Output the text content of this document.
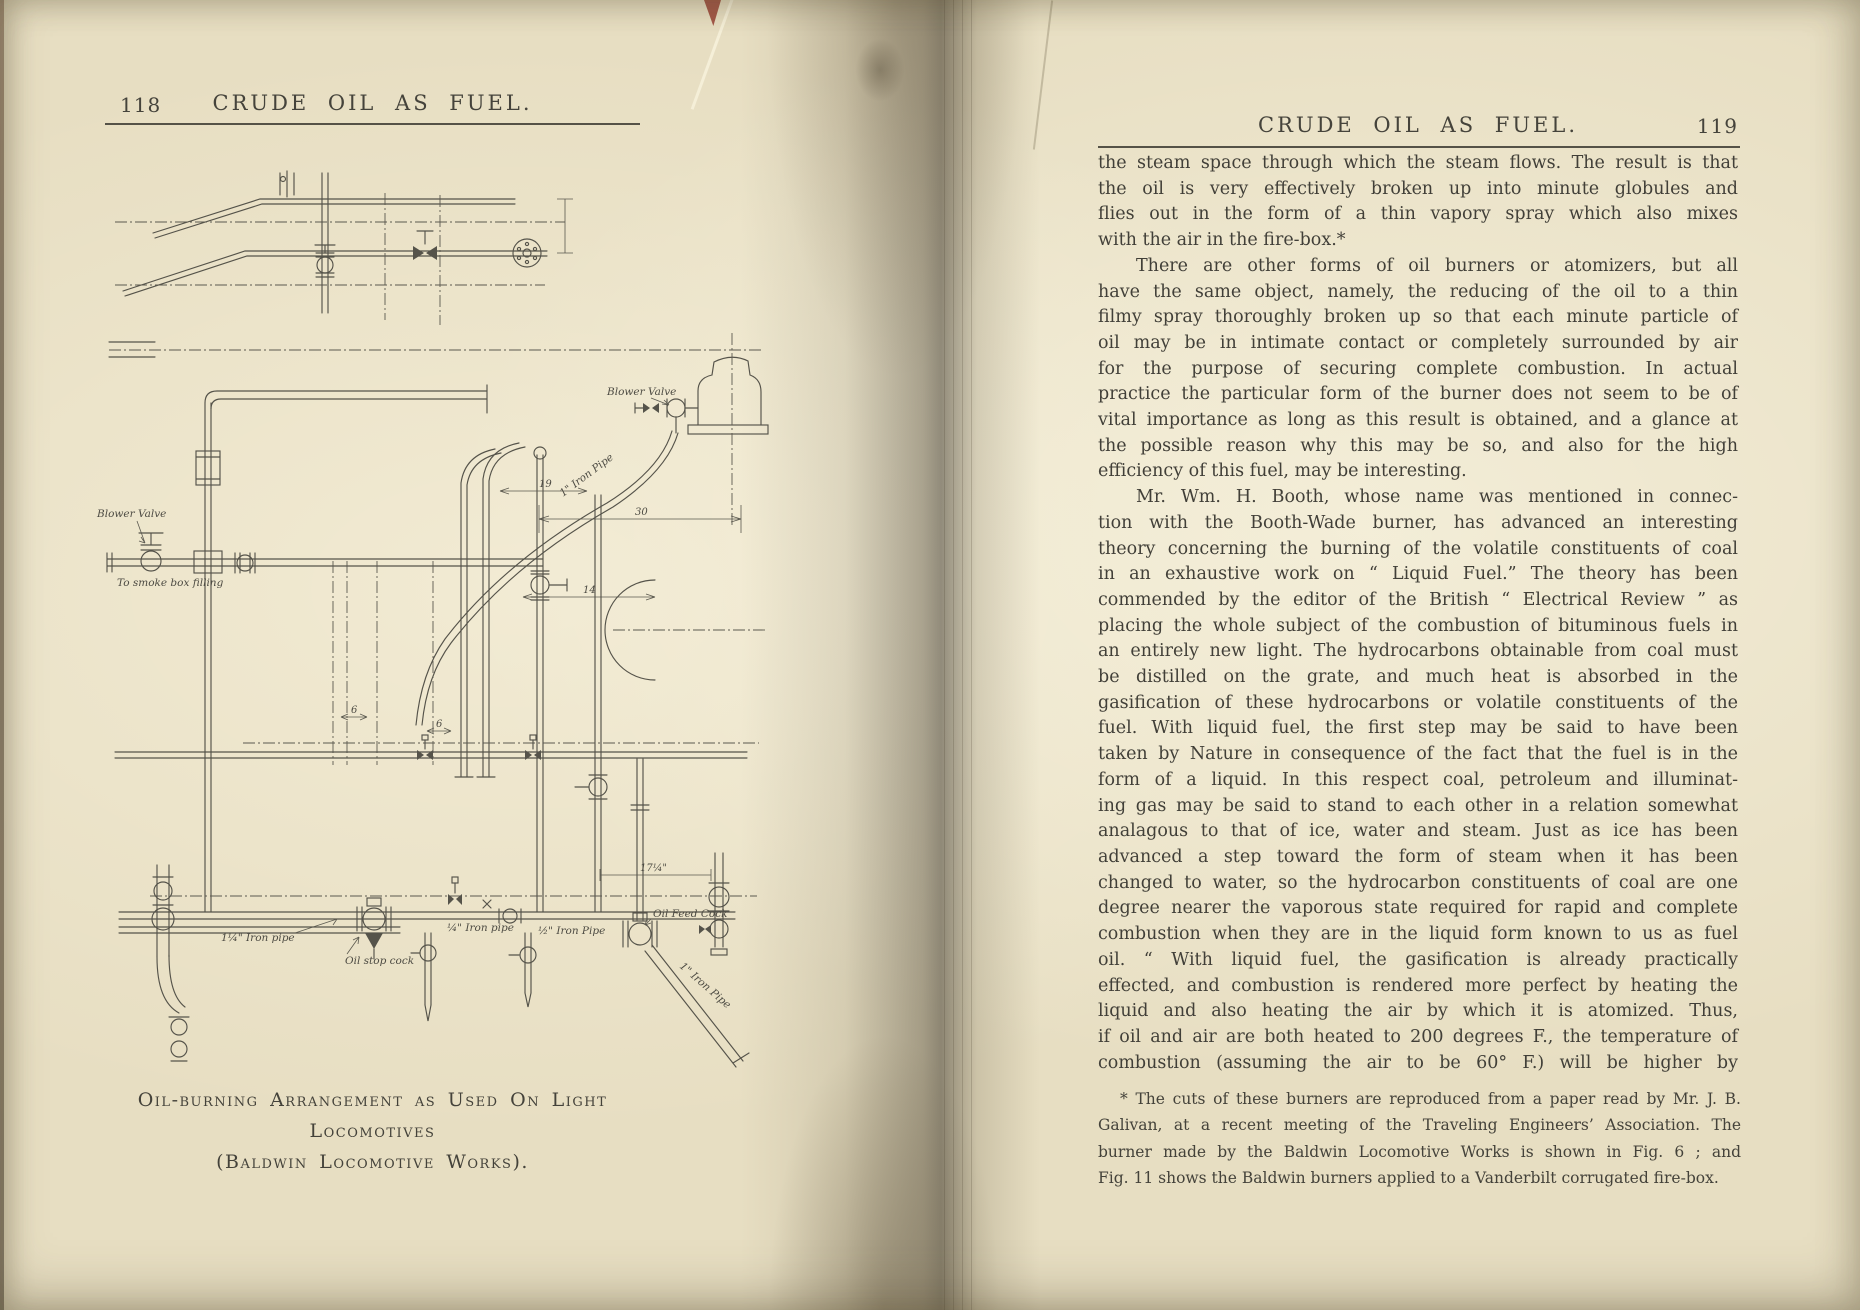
118	CRUDE OIL AS FUEL.
Blower Valve
1" Iron Pipe
30
Blower Valve
To smoke box filling
19
14
6
6
1¼" Iron pipe
Oil stop cock
¼" Iron pipe ½" Iron Pipe
Oil Feed Cock
1" Iron Pipe
17¼"
Oil-burning Arrangement as Used On Light Locomotives
(Baldwin Locomotive Works).
CRUDE OIL AS FUEL.	119
the steam space through which the steam flows. The result is that
the oil is very effectively broken up into minute globules and
flies out in the form of a thin vapory spray which also mixes
with the air in the fire-box.*
There are other forms of oil burners or atomizers, but all
have the same object, namely, the reducing of the oil to a thin
filmy spray thoroughly broken up so that each minute particle of
oil may be in intimate contact or completely surrounded by air
for the purpose of securing complete combustion. In actual
practice the particular form of the burner does not seem to be of
vital importance as long as this result is obtained, and a glance at
the possible reason why this may be so, and also for the high
efficiency of this fuel, may be interesting.
Mr. Wm. H. Booth, whose name was mentioned in connec-
tion with the Booth-Wade burner, has advanced an interesting
theory concerning the burning of the volatile constituents of coal
in an exhaustive work on “ Liquid Fuel.” The theory has been
commended by the editor of the British “ Electrical Review ” as
placing the whole subject of the combustion of bituminous fuels in
an entirely new light. The hydrocarbons obtainable from coal must
be distilled on the grate, and much heat is absorbed in the
gasification of these hydrocarbons or volatile constituents of the
fuel. With liquid fuel, the first step may be said to have been
taken by Nature in consequence of the fact that the fuel is in the
form of a liquid. In this respect coal, petroleum and illuminat-
ing gas may be said to stand to each other in a relation somewhat
analagous to that of ice, water and steam. Just as ice has been
advanced a step toward the form of steam when it has been
changed to water, so the hydrocarbon constituents of coal are one
degree nearer the vaporous state required for rapid and complete
combustion when they are in the liquid form known to us as fuel
oil. “ With liquid fuel, the gasification is already practically
effected, and combustion is rendered more perfect by heating the
liquid and also heating the air by which it is atomized. Thus,
if oil and air are both heated to 200 degrees F., the temperature of
combustion (assuming the air to be 60° F.) will be higher by
* The cuts of these burners are reproduced from a paper read by Mr. J. B.
Galivan, at a recent meeting of the Traveling Engineers’ Association. The
burner made by the Baldwin Locomotive Works is shown in Fig. 6 ; and
Fig. 11 shows the Baldwin burners applied to a Vanderbilt corrugated fire-box.
